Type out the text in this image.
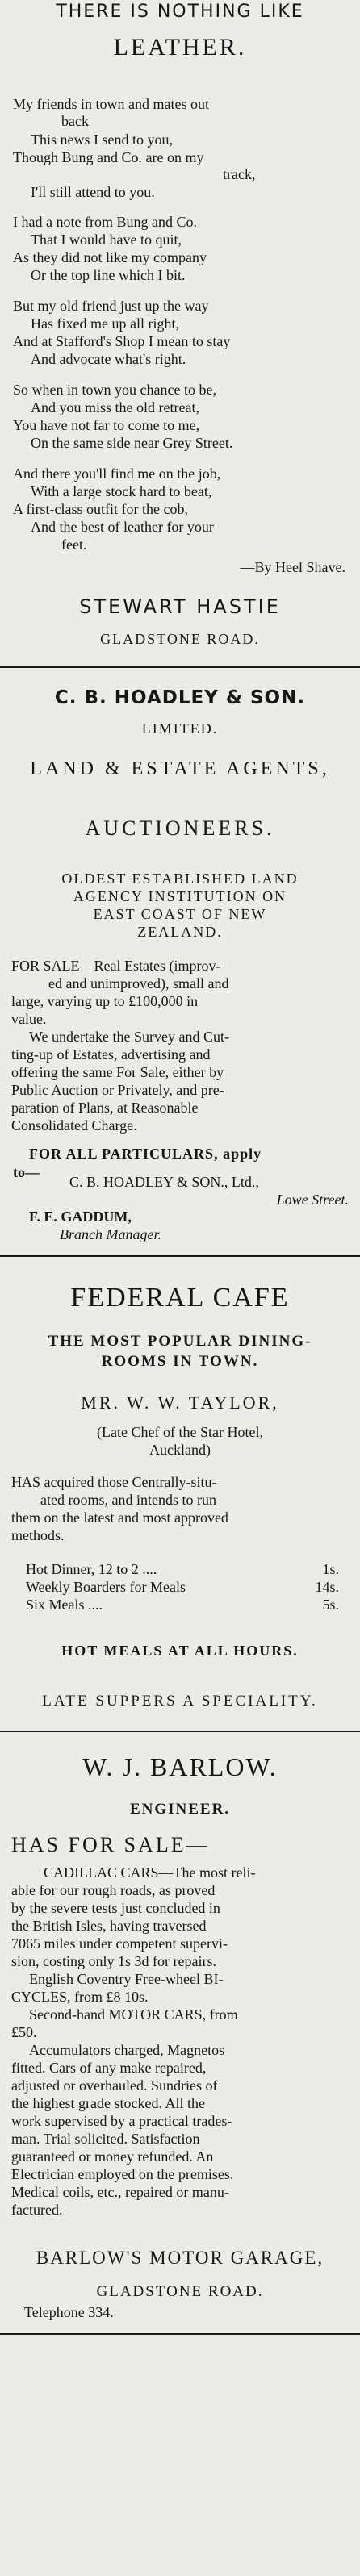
THERE IS NOTHING LIKE
LEATHER.
My friends in town and mates out
back
This news I send to you,
Though Bung and Co. are on my
track,
I'll still attend to you.
I had a note from Bung and Co.
That I would have to quit,
As they did not like my company
Or the top line which I bit.
But my old friend just up the way
Has fixed me up all right,
And at Stafford's Shop I mean to stay
And advocate what's right.
So when in town you chance to be,
And you miss the old retreat,
You have not far to come to me,
On the same side near Grey Street.
And there you'll find me on the job,
With a large stock hard to beat,
A first-class outfit for the cob,
And the best of leather for your
feet.
—By Heel Shave.
STEWART HASTIE
GLADSTONE ROAD.
C. B. HOADLEY & SON.
LIMITED.
LAND & ESTATE AGENTS,
AUCTIONEERS.
OLDEST ESTABLISHED LAND
AGENCY INSTITUTION ON
EAST COAST OF NEW
ZEALAND.
FOR SALE—Real Estates (improv-
ed and unimproved), small and
large, varying up to £100,000 in
value.
We undertake the Survey and Cut-
ting-up of Estates, advertising and
offering the same For Sale, either by
Public Auction or Privately, and pre-
paration of Plans, at Reasonable
Consolidated Charge.
FOR ALL PARTICULARS, apply
to—
C. B. HOADLEY & SON., Ltd.,
Lowe Street.
F. E. GADDUM,
Branch Manager.
FEDERAL CAFE
THE MOST POPULAR DINING-
ROOMS IN TOWN.
MR. W. W. TAYLOR,
(Late Chef of the Star Hotel,
Auckland)
HAS acquired those Centrally-situ-
ated rooms, and intends to run
them on the latest and most approved
methods.
Hot Dinner, 12 to 2 ....	1s.
Weekly Boarders for Meals	14s.
Six Meals ....	5s.
HOT MEALS AT ALL HOURS.
LATE SUPPERS A SPECIALITY.
W. J. BARLOW.
ENGINEER.
HAS FOR SALE—
CADILLAC CARS—The most reli-
able for our rough roads, as proved
by the severe tests just concluded in
the British Isles, having traversed
7065 miles under competent supervi-
sion, costing only 1s 3d for repairs.
English Coventry Free-wheel BI-
CYCLES, from £8 10s.
Second-hand MOTOR CARS, from
£50.
Accumulators charged, Magnetos
fitted. Cars of any make repaired,
adjusted or overhauled. Sundries of
the highest grade stocked. All the
work supervised by a practical trades-
man. Trial solicited. Satisfaction
guaranteed or money refunded. An
Electrician employed on the premises.
Medical coils, etc., repaired or manu-
factured.
BARLOW'S MOTOR GARAGE,
GLADSTONE ROAD.
Telephone 334.
